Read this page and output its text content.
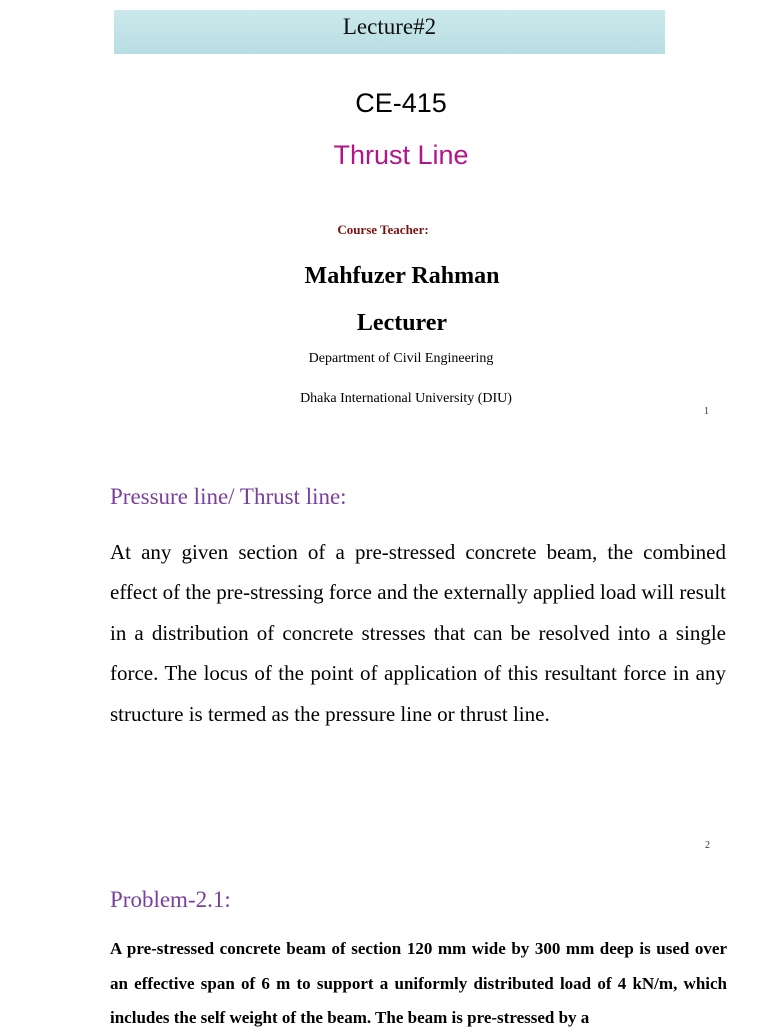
Lecture#2
CE-415
Thrust Line
Course Teacher:
Mahfuzer Rahman
Lecturer
Department of Civil Engineering
Dhaka International University (DIU)
1
Pressure line/ Thrust line:
At any given section of a pre-stressed concrete beam, the combined effect of the pre-stressing force and the externally applied load will result in a distribution of concrete stresses that can be resolved into a single force. The locus of the point of application of this resultant force in any structure is termed as the pressure line or thrust line.
2
Problem-2.1:
A pre-stressed concrete beam of section 120 mm wide by 300 mm deep is used over an effective span of 6 m to support a uniformly distributed load of 4 kN/m, which includes the self weight of the beam. The beam is pre-stressed by a
